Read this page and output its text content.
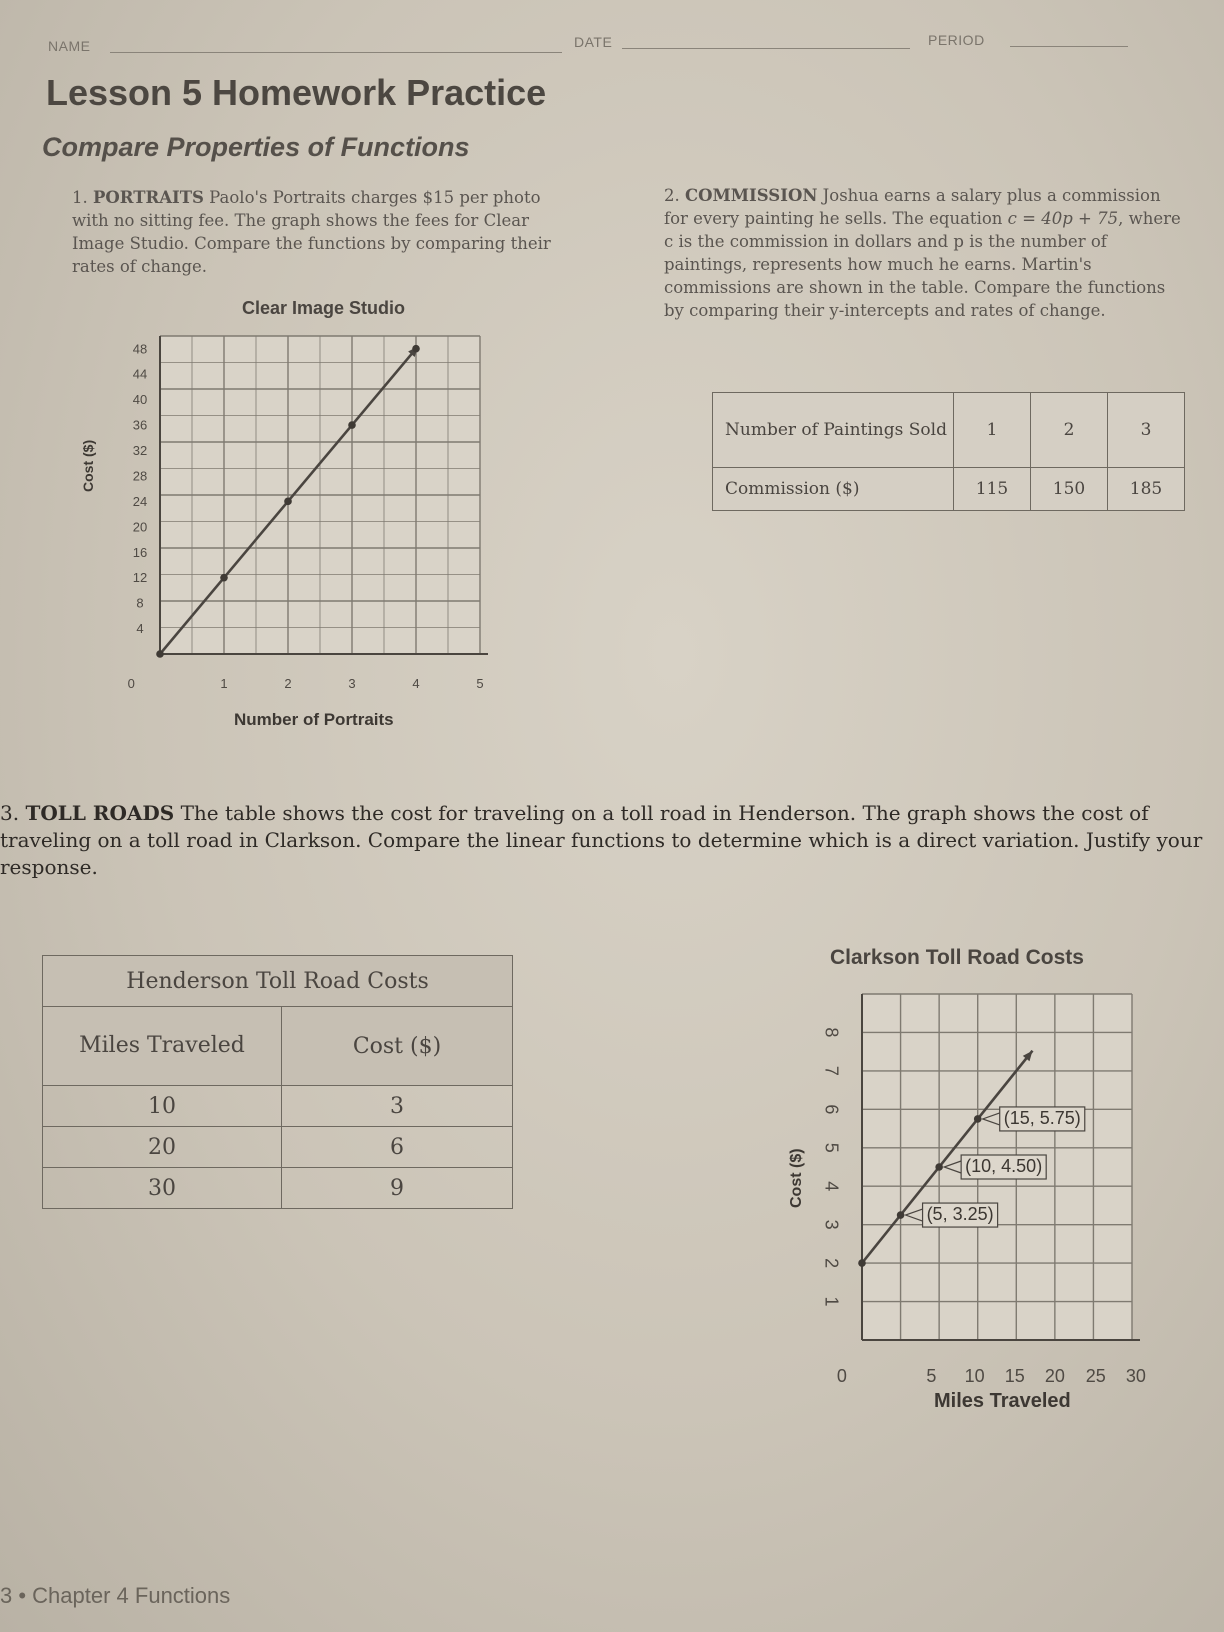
NAME	DATE	PERIOD
Lesson 5 Homework Practice
Compare Properties of Functions
1. PORTRAITS Paolo's Portraits charges $15 per photo with no sitting fee. The graph shows the fees for Clear Image Studio. Compare the functions by comparing their rates of change.
Clear Image Studio
Cost ($)
Number of Portraits
0	1	2	3	4	5
4
8
12
16
20
24
28
32
36
40
44
48
2. COMMISSION Joshua earns a salary plus a commission for every painting he sells. The equation c = 40p + 75, where c is the commission in dollars and p is the number of paintings, represents how much he earns. Martin's commissions are shown in the table. Compare the functions by comparing their y-intercepts and rates of change.
Number of Paintings Sold	1	2	3
Commission ($)	115	150	185
3. TOLL ROADS The table shows the cost for traveling on a toll road in Henderson. The graph shows the cost of traveling on a toll road in Clarkson. Compare the linear functions to determine which is a direct variation. Justify your response.
Henderson Toll Road Costs	
Miles Traveled	Cost ($)
10	3
20	6
30	9
Clarkson Toll Road Costs
Cost ($)
Miles Traveled
0	5 10 15 20 25 30
1
2
3
4
5
6
7
8
(5, 3.25)
(10, 4.50)
(15, 5.75)
3 • Chapter 4 Functions
